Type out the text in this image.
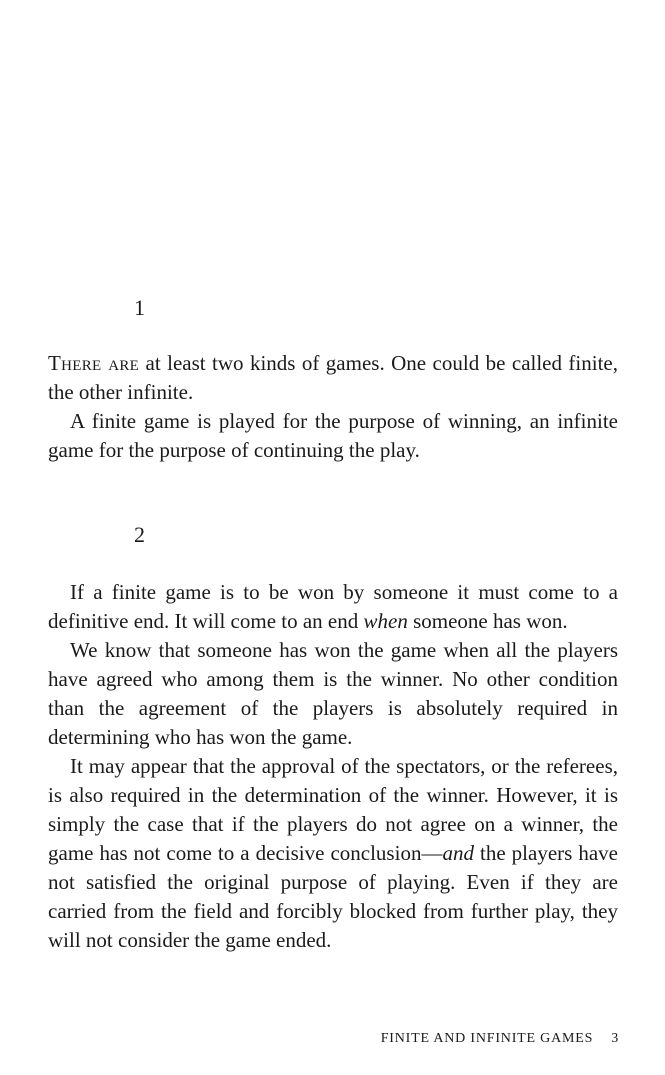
1

There are at least two kinds of games. One could be called finite, the other infinite.

A finite game is played for the purpose of winning, an infinite game for the purpose of continuing the play.

2

If a finite game is to be won by someone it must come to a definitive end. It will come to an end when someone has won.

We know that someone has won the game when all the players have agreed who among them is the winner. No other condition than the agreement of the players is absolutely required in determining who has won the game.

It may appear that the approval of the spectators, or the referees, is also required in the determination of the winner. However, it is simply the case that if the players do not agree on a winner, the game has not come to a decisive conclusion—and the players have not satisfied the original purpose of playing. Even if they are carried from the field and forcibly blocked from further play, they will not consider the game ended.

FINITE AND INFINITE GAMES 3
